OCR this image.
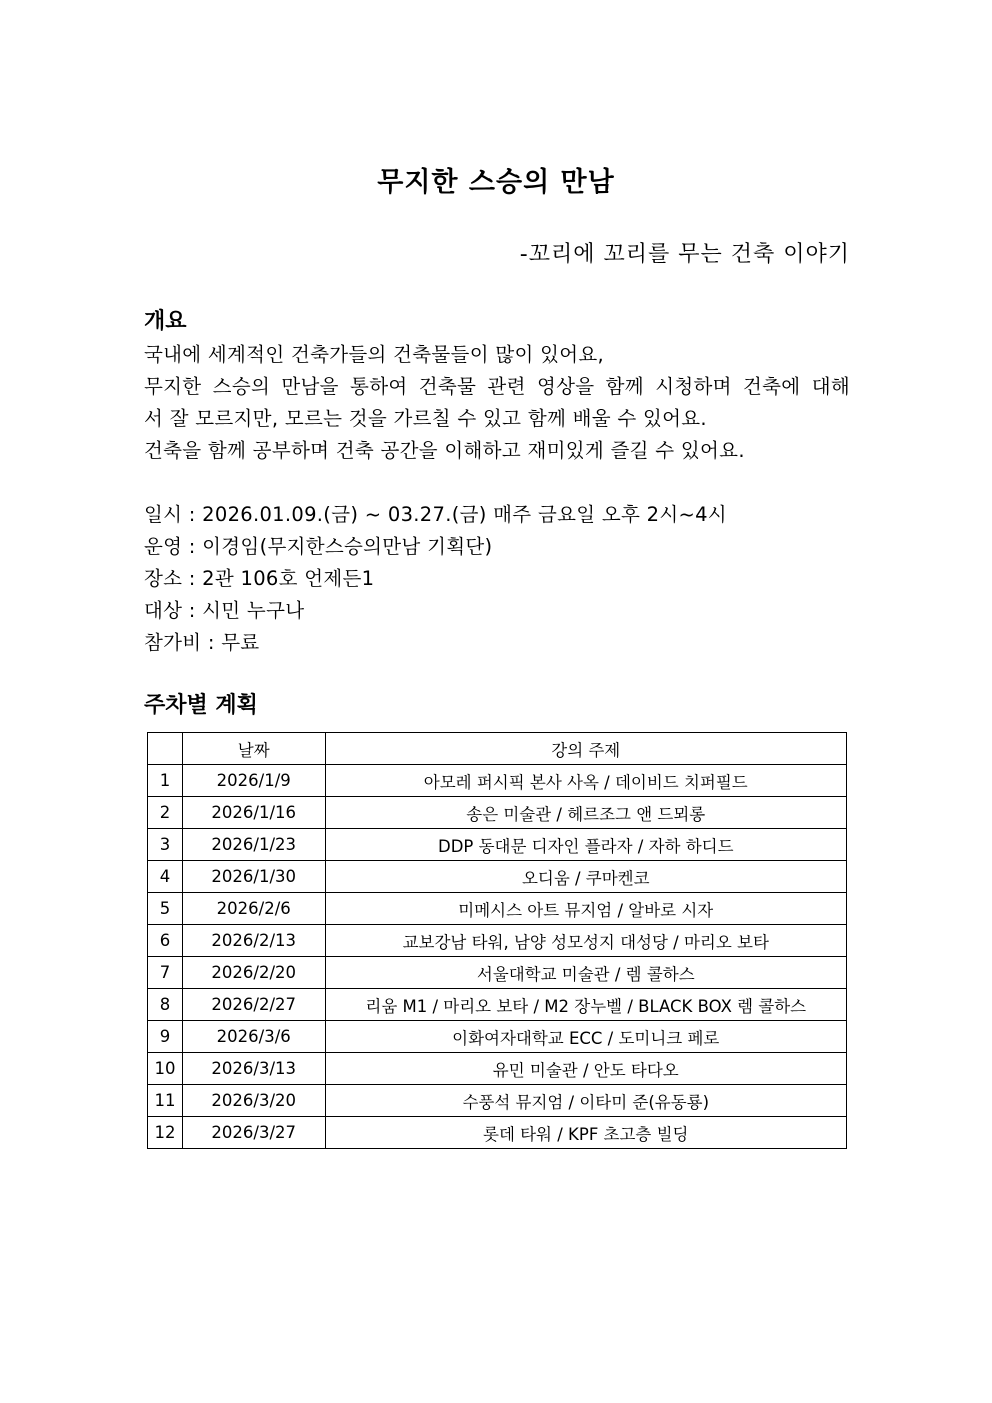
무지한 스승의 만남
-꼬리에 꼬리를 무는 건축 이야기
개요

국내에 세계적인 건축가들의 건축물들이 많이 있어요,

무지한 스승의 만남을 통하여 건축물 관련 영상을 함께 시청하며 건축에 대해

서 잘 모르지만, 모르는 것을 가르칠 수 있고 함께 배울 수 있어요.

건축을 함께 공부하며 건축 공간을 이해하고 재미있게 즐길 수 있어요.

일시 : 2026.01.09.(금) ~ 03.27.(금) 매주 금요일 오후 2시~4시
운영 : 이경임(무지한스승의만남 기획단)
장소 : 2관 106호 언제든1
대상 : 시민 누구나
참가비 : 무료
주차별 계획
	날짜	강의 주제
1	2026/1/9	아모레 퍼시픽 본사 사옥 / 데이비드 치퍼필드
2	2026/1/16	송은 미술관 / 헤르조그 앤 드뫼롱
3	2026/1/23	DDP 동대문 디자인 플라자 / 자하 하디드
4	2026/1/30	오디움 / 쿠마켄코
5	2026/2/6	미메시스 아트 뮤지엄 / 알바로 시자
6	2026/2/13	교보강남 타워, 남양 성모성지 대성당 / 마리오 보타
7	2026/2/20	서울대학교 미술관 / 렘 콜하스
8	2026/2/27	리움 M1 / 마리오 보타 / M2 장누벨 / BLACK BOX 렘 콜하스
9	2026/3/6	이화여자대학교 ECC / 도미니크 페로
10	2026/3/13	유민 미술관 / 안도 타다오
11	2026/3/20	수풍석 뮤지엄 / 이타미 준(유동룡)
12	2026/3/27	롯데 타워 / KPF 초고층 빌딩
